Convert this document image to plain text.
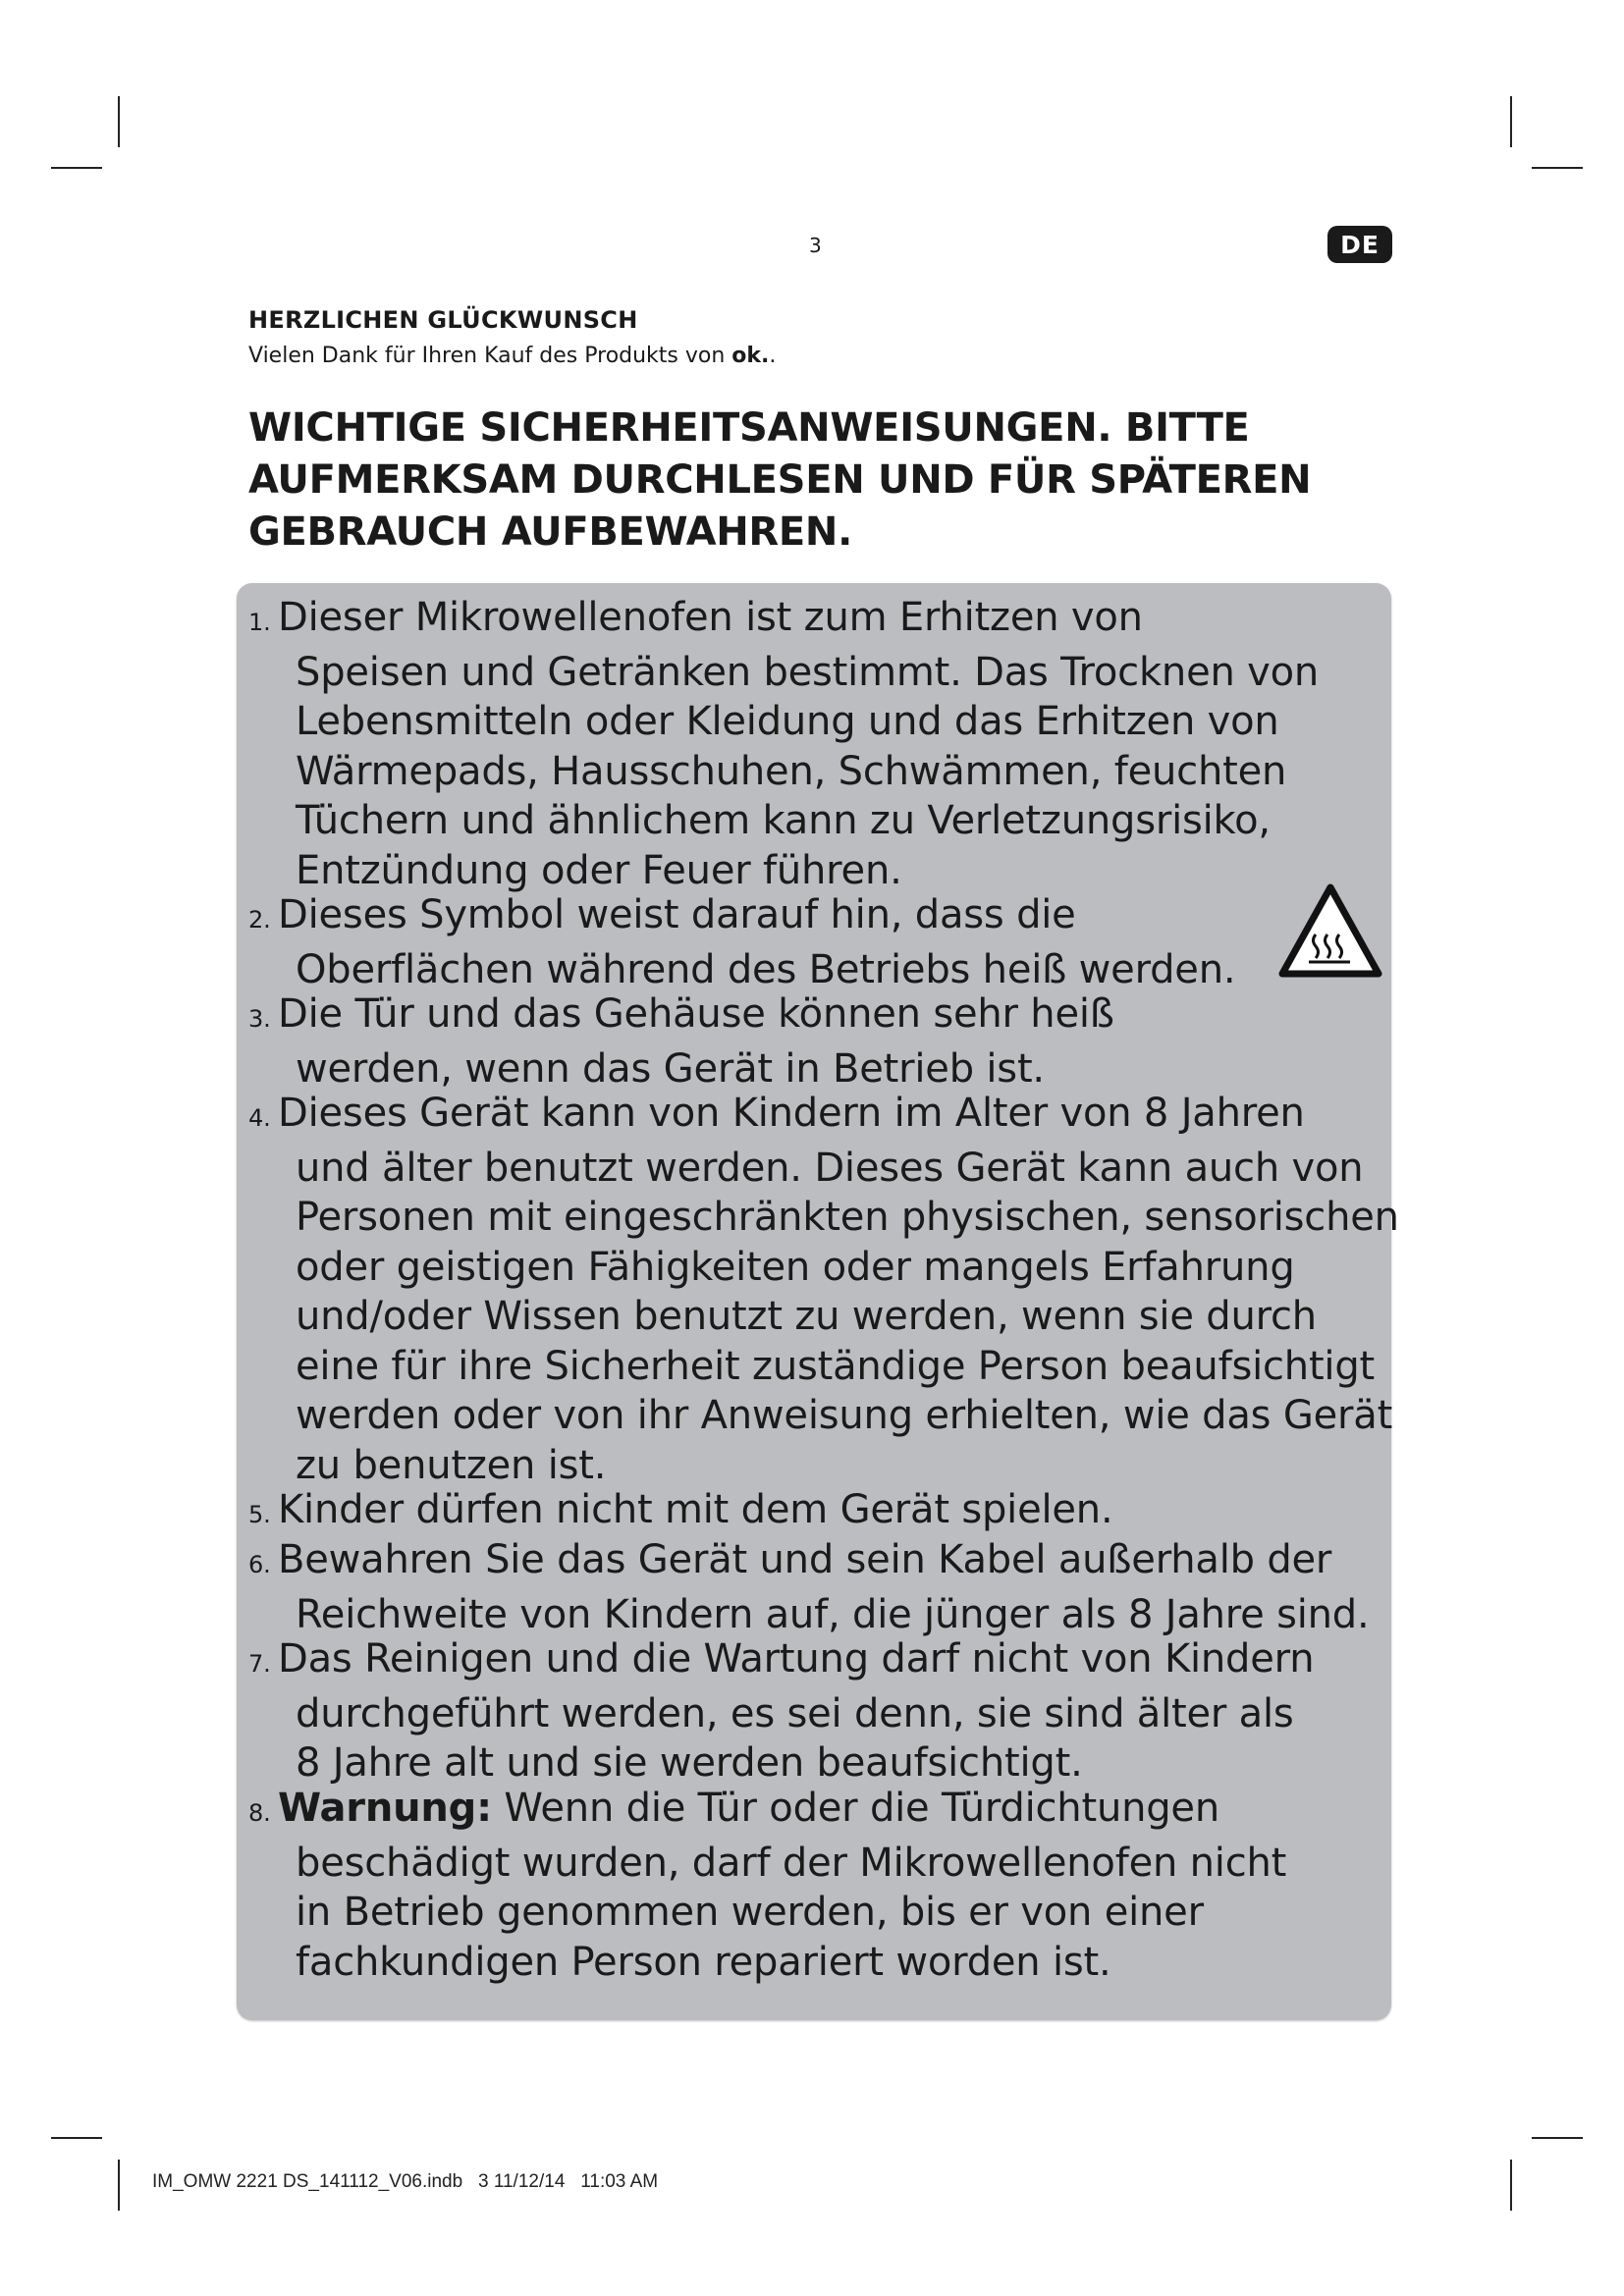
3	DE
HERZLICHEN GLÜCKWUNSCH
Vielen Dank für Ihren Kauf des Produkts von ok..
WICHTIGE SICHERHEITSANWEISUNGEN. BITTE
AUFMERKSAM DURCHLESEN UND FÜR SPÄTEREN
GEBRAUCH AUFBEWAHREN.
1. Dieser Mikrowellenofen ist zum Erhitzen von
Speisen und Getränken bestimmt. Das Trocknen von
Lebensmitteln oder Kleidung und das Erhitzen von
Wärmepads, Hausschuhen, Schwämmen, feuchten
Tüchern und ähnlichem kann zu Verletzungsrisiko,
Entzündung oder Feuer führen.
2. Dieses Symbol weist darauf hin, dass die
Oberflächen während des Betriebs heiß werden.
3. Die Tür und das Gehäuse können sehr heiß
werden, wenn das Gerät in Betrieb ist.
4. Dieses Gerät kann von Kindern im Alter von 8 Jahren
und älter benutzt werden. Dieses Gerät kann auch von
Personen mit eingeschränkten physischen, sensorischen
oder geistigen Fähigkeiten oder mangels Erfahrung
und/oder Wissen benutzt zu werden, wenn sie durch
eine für ihre Sicherheit zuständige Person beaufsichtigt
werden oder von ihr Anweisung erhielten, wie das Gerät
zu benutzen ist.
5. Kinder dürfen nicht mit dem Gerät spielen.
6. Bewahren Sie das Gerät und sein Kabel außerhalb der
Reichweite von Kindern auf, die jünger als 8 Jahre sind.
7. Das Reinigen und die Wartung darf nicht von Kindern
durchgeführt werden, es sei denn, sie sind älter als
8 Jahre alt und sie werden beaufsichtigt.
8. Warnung: Wenn die Tür oder die Türdichtungen
beschädigt wurden, darf der Mikrowellenofen nicht
in Betrieb genommen werden, bis er von einer
fachkundigen Person repariert worden ist.
IM_OMW 2221 DS_141112_V06.indb   3 11/12/14   11:03 AM
